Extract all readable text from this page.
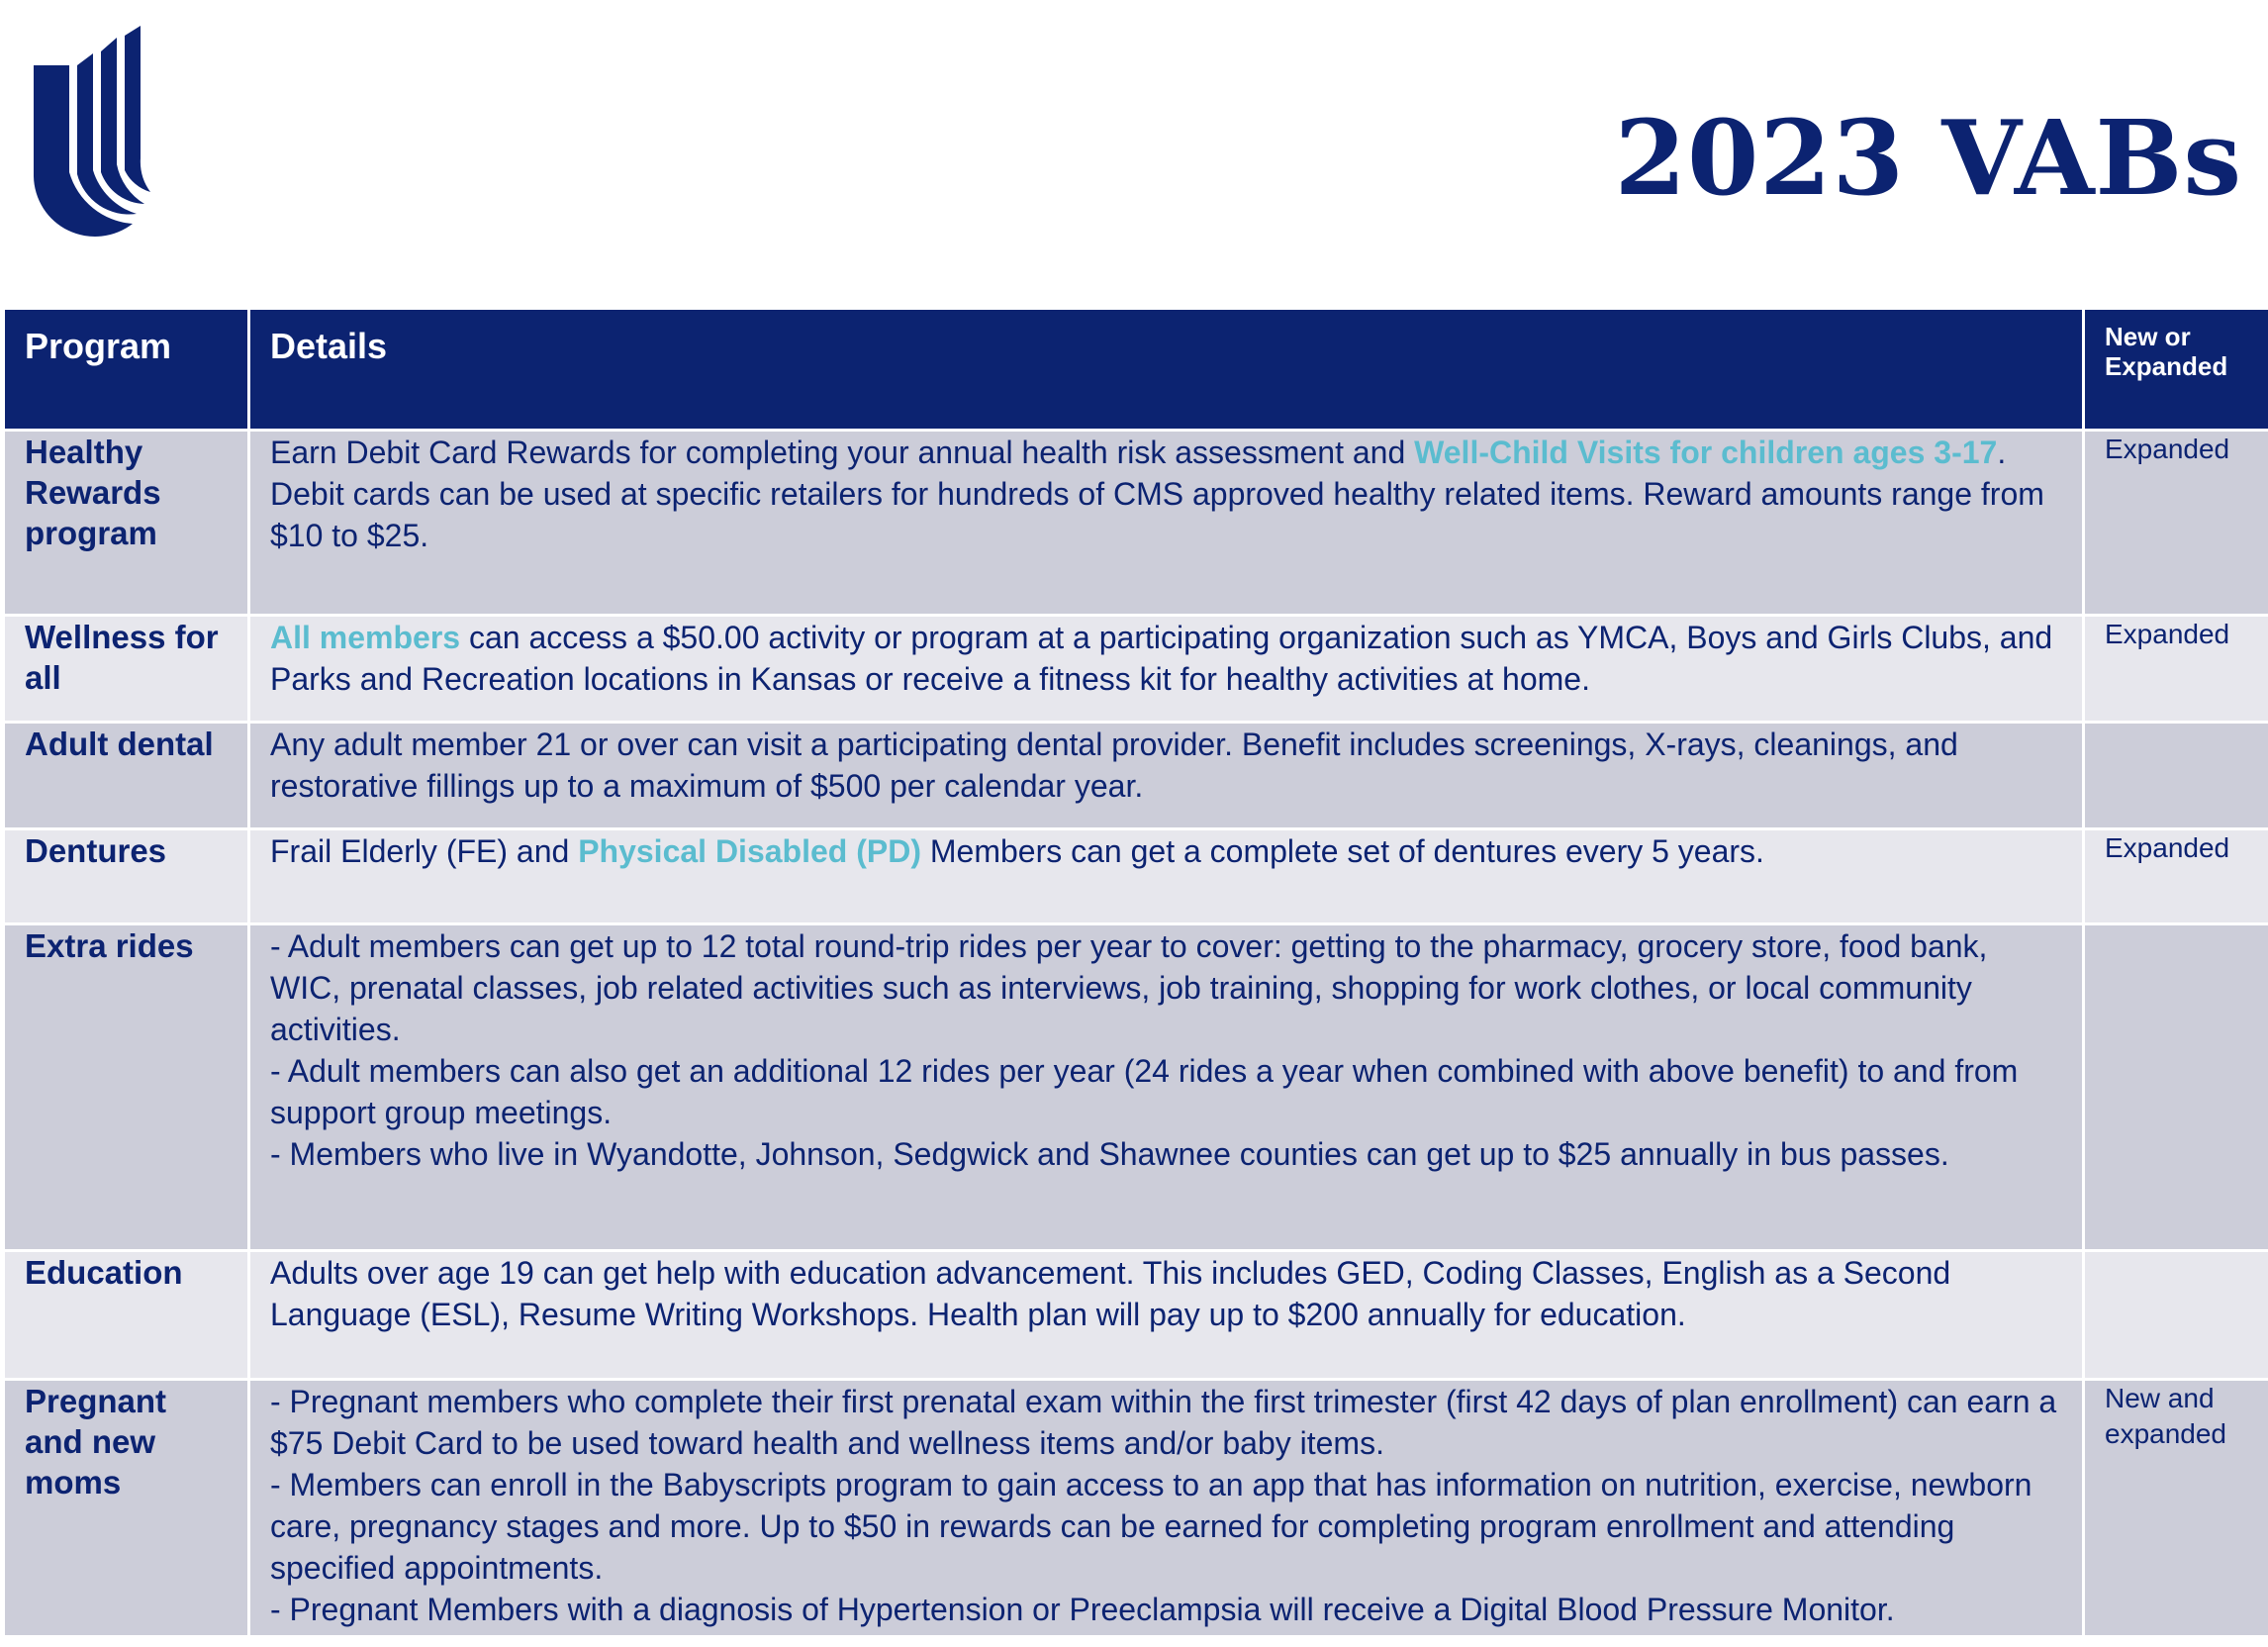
2023 VABs
Program	Details	New or Expanded
Healthy Rewards program	Earn Debit Card Rewards for completing your annual health risk assessment and Well-Child Visits for children ages 3-17. Debit cards can be used at specific retailers for hundreds of CMS approved healthy related items. Reward amounts range from $10 to $25.	Expanded
Wellness for all	All members can access a $50.00 activity or program at a participating organization such as YMCA, Boys and Girls Clubs, and Parks and Recreation locations in Kansas or receive a fitness kit for healthy activities at home.	Expanded
Adult dental	Any adult member 21 or over can visit a participating dental provider. Benefit includes screenings, X-rays, cleanings, and restorative fillings up to a maximum of $500 per calendar year.	
Dentures	Frail Elderly (FE) and Physical Disabled (PD) Members can get a complete set of dentures every 5 years.	Expanded
Extra rides	- Adult members can get up to 12 total round-trip rides per year to cover: getting to the pharmacy, grocery store, food bank, WIC, prenatal classes, job related activities such as interviews, job training, shopping for work clothes, or local community activities.
- Adult members can also get an additional 12 rides per year (24 rides a year when combined with above benefit) to and from support group meetings.
- Members who live in Wyandotte, Johnson, Sedgwick and Shawnee counties can get up to $25 annually in bus passes.	

Education	Adults over age 19 can get help with education advancement. This includes GED, Coding Classes, English as a Second Language (ESL), Resume Writing Workshops. Health plan will pay up to $200 annually for education.	
Pregnant and new moms	- Pregnant members who complete their first prenatal exam within the first trimester (first 42 days of plan enrollment) can earn a $75 Debit Card to be used toward health and wellness items and/or baby items.
- Members can enroll in the Babyscripts program to gain access to an app that has information on nutrition, exercise, newborn care, pregnancy stages and more. Up to $50 in rewards can be earned for completing program enrollment and attending specified appointments.
- Pregnant Members with a diagnosis of Hypertension or Preeclampsia will receive a Digital Blood Pressure Monitor.	New and expanded
